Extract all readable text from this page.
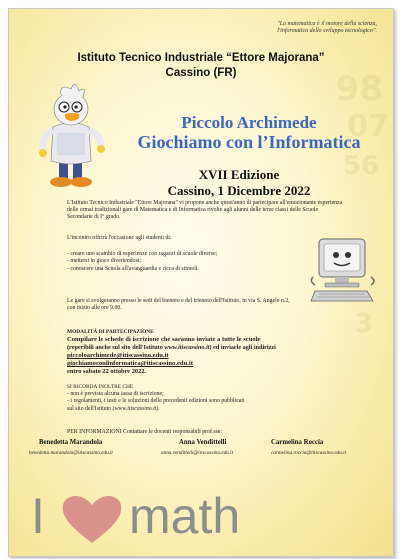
98
07
56
3
"La matematica è il motore della scienza,
l'informatica dello sviluppo tecnologico".
Istituto Tecnico Industriale “Ettore Majorana”
Cassino (FR)
Piccolo Archimede
Giochiamo con l’Informatica
XVII Edizione
Cassino, 1 Dicembre 2022
L'Istituto Tecnico Industriale "Ettore Majorana" vi propone anche quest'anno di partecipare all'emozionante esperienza delle ormai tradizionali gare di Matematica e di Informatica rivolte agli alunni delle terze classi delle Scuole Secondarie di I° grado.

L'incontro offrirà l'occasione agli studenti di:

- creare uno scambio di esperienze con ragazzi di scuole diverse;

- mettersi in gioco divertendosi;

- conoscere una Scuola all'avanguardia e ricca di stimoli.

Le gare si svolgeranno presso le sedi del biennio e del triennio dell'Istituto, in via S. Angelo n.2, con inizio alle ore 9.00.

MODALITÀ DI PARTECIPAZIONE

Compilare le schede di iscrizione che saranno inviate a tutte le scuole

(reperibili anche sul sito dell'Istituto www.itiscassino.it) ed inviarle agli indirizzi

piccoloarchimede@itiscassino.edu.it

giochiamoconlinformatica@itiscassino.edu.it

entro sabato 22 ottobre 2022.

SI RICORDA INOLTRE CHE

- non è prevista alcuna tassa di iscrizione;

- i regolamenti, i testi e le soluzioni delle precedenti edizioni sono pubblicati

sul sito dell'Istituto (www.itiscassino.it).

PER INFORMAZIONI Contattare le docenti responsabili prof.sse:
Benedetta Marandola	Anna Vendittelli	Carmelina Roccia
benedetta.marandola@itiscassino.edu.it	anna.vendittelli@itiscassino.edu.it	carmelina.roccia@itiscassino.edu.it
I math
